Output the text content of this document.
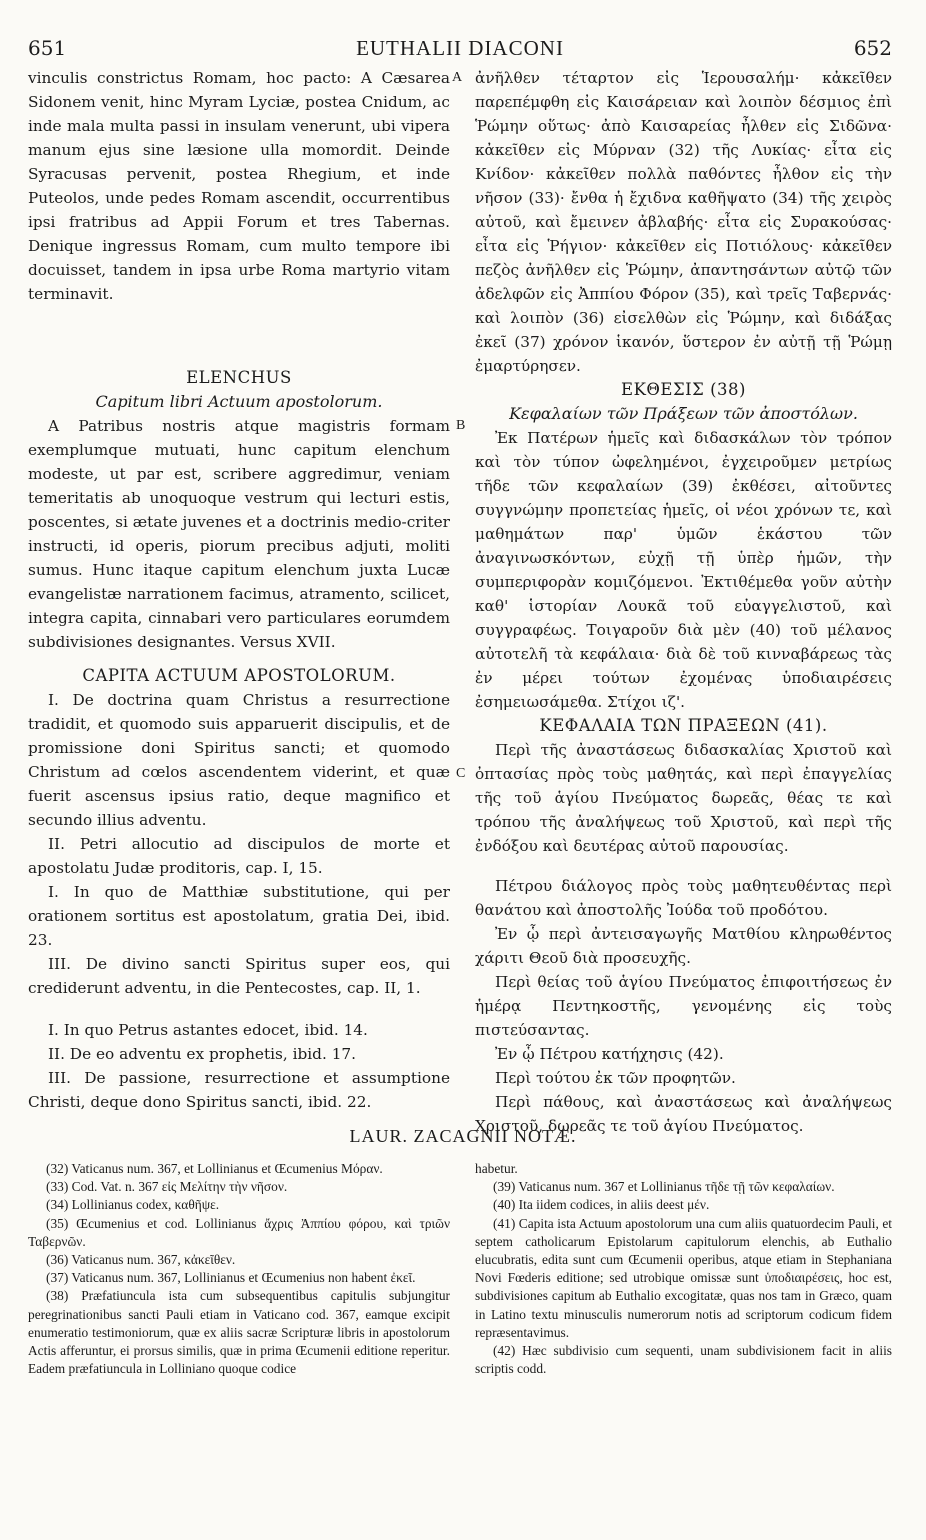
651	EUTHALII DIACONI	652
A
B
C

vinculis constrictus Romam, hoc pacto: A Cæsarea Sidonem venit, hinc Myram Lyciæ, postea Cnidum, ac inde mala multa passi in insulam venerunt, ubi vipera manum ejus sine læsione ulla momordit. Deinde Syracusas pervenit, postea Rhegium, et inde Puteolos, unde pedes Romam ascendit, occurrentibus ipsi fratribus ad Appii Forum et tres Tabernas. Denique ingressus Romam, cum multo tempore ibi docuisset, tandem in ipsa urbe Roma martyrio vitam terminavit.

ELENCHUS

Capitum libri Actuum apostolorum.

A Patribus nostris atque magistris formam exemplumque mutuati, hunc capitum elenchum modeste, ut par est, scribere aggredimur, veniam temeritatis ab unoquoque vestrum qui lecturi estis, poscentes, si ætate juvenes et a doctrinis medio-criter instructi, id operis, piorum precibus adjuti, moliti sumus. Hunc itaque capitum elenchum juxta Lucæ evangelistæ narrationem facimus, atramento, scilicet, integra capita, cinnabari vero particulares eorumdem subdivisiones designantes. Versus XVII.

CAPITA ACTUUM APOSTOLORUM.

I. De doctrina quam Christus a resurrectione tradidit, et quomodo suis apparuerit discipulis, et de promissione doni Spiritus sancti; et quomodo Christum ad cœlos ascendentem viderint, et quæ fuerit ascensus ipsius ratio, deque magnifico et secundo illius adventu.

II. Petri allocutio ad discipulos de morte et apostolatu Judæ proditoris, cap. I, 15.

I. In quo de Matthiæ substitutione, qui per orationem sortitus est apostolatum, gratia Dei, ibid. 23.

III. De divino sancti Spiritus super eos, qui crediderunt adventu, in die Pentecostes, cap. II, 1.

I. In quo Petrus astantes edocet, ibid. 14.

II. De eo adventu ex prophetis, ibid. 17.

III. De passione, resurrectione et assumptione Christi, deque dono Spiritus sancti, ibid. 22.

ἀνῆλθεν τέταρτον εἰς Ἱερουσαλήμ· κἀκεῖθεν παρεπέμφθη εἰς Καισάρειαν καὶ λοιπὸν δέσμιος ἐπὶ Ῥώμην οὕτως· ἀπὸ Καισαρείας ἦλθεν εἰς Σιδῶνα· κἀκεῖθεν εἰς Μύρναν (32) τῆς Λυκίας· εἶτα εἰς Κνίδον· κἀκεῖθεν πολλὰ παθόντες ἦλθον εἰς τὴν νῆσον (33)· ἔνθα ἡ ἔχιδνα καθῆψατο (34) τῆς χειρὸς αὐτοῦ, καὶ ἔμεινεν ἀβλαβής· εἶτα εἰς Συρακούσας· εἶτα εἰς Ῥήγιον· κἀκεῖθεν εἰς Ποτιόλους· κἀκεῖθεν πεζὸς ἀνῆλθεν εἰς Ῥώμην, ἀπαντησάντων αὐτῷ τῶν ἀδελφῶν εἰς Ἀππίου Φόρον (35), καὶ τρεῖς Ταβερνάς· καὶ λοιπὸν (36) εἰσελθὼν εἰς Ῥώμην, καὶ διδάξας ἐκεῖ (37) χρόνον ἱκανόν, ὕστερον ἐν αὐτῇ τῇ Ῥώμῃ ἐμαρτύρησεν.

ΕΚΘΕΣΙΣ (38)

Κεφαλαίων τῶν Πράξεων τῶν ἀποστόλων.

Ἐκ Πατέρων ἡμεῖς καὶ διδασκάλων τὸν τρόπον καὶ τὸν τύπον ὠφελημένοι, ἐγχειροῦμεν μετρίως τῆδε τῶν κεφαλαίων (39) ἐκθέσει, αἰτοῦντες συγγνώμην προπετείας ἡμεῖς, οἱ νέοι χρόνων τε, καὶ μαθημάτων παρ' ὑμῶν ἑκάστου τῶν ἀναγινωσκόντων, εὐχῇ τῇ ὑπὲρ ἡμῶν, τὴν συμπεριφορὰν κομιζόμενοι. Ἐκτιθέμεθα γοῦν αὐτὴν καθ' ἱστορίαν Λουκᾶ τοῦ εὐαγγελιστοῦ, καὶ συγγραφέως. Τοιγαροῦν διὰ μὲν (40) τοῦ μέλανος αὐτοτελῆ τὰ κεφάλαια· διὰ δὲ τοῦ κινναβάρεως τὰς ἐν μέρει τούτων ἐχομένας ὑποδιαιρέσεις ἐσημειωσάμεθα. Στίχοι ιζ'.

ΚΕΦΑΛΑΙΑ ΤΩΝ ΠΡΑΞΕΩΝ (41).

Περὶ τῆς ἀναστάσεως διδασκαλίας Χριστοῦ καὶ ὀπτασίας πρὸς τοὺς μαθητάς, καὶ περὶ ἐπαγγελίας τῆς τοῦ ἁγίου Πνεύματος δωρεᾶς, θέας τε καὶ τρόπου τῆς ἀναλήψεως τοῦ Χριστοῦ, καὶ περὶ τῆς ἐνδόξου καὶ δευτέρας αὐτοῦ παρουσίας.

Πέτρου διάλογος πρὸς τοὺς μαθητευθέντας περὶ θανάτου καὶ ἀποστολῆς Ἰούδα τοῦ προδότου.

Ἐν ᾧ περὶ ἀντεισαγωγῆς Ματθίου κληρωθέντος χάριτι Θεοῦ διὰ προσευχῆς.

Περὶ θείας τοῦ ἁγίου Πνεύματος ἐπιφοιτήσεως ἐν ἡμέρᾳ Πεντηκοστῆς, γενομένης εἰς τοὺς πιστεύσαντας.

Ἐν ᾧ Πέτρου κατήχησις (42).

Περὶ τούτου ἐκ τῶν προφητῶν.

Περὶ πάθους, καὶ ἀναστάσεως καὶ ἀναλήψεως Χριστοῦ, δωρεᾶς τε τοῦ ἁγίου Πνεύματος.

LAUR. ZACAGNII NOTÆ.

(32) Vaticanus num. 367, et Lollinianus et Œcumenius Μόραν.

(33) Cod. Vat. n. 367 εἰς Μελίτην τὴν νῆσον.

(34) Lollinianus codex, καθῆψε.

(35) Œcumenius et cod. Lollinianus ἄχρις Ἀππίου φόρου, καὶ τριῶν Ταβερνῶν.

(36) Vaticanus num. 367, κἀκεῖθεν.

(37) Vaticanus num. 367, Lollinianus et Œcumenius non habent ἐκεῖ.

(38) Præfatiuncula ista cum subsequentibus capitulis subjungitur peregrinationibus sancti Pauli etiam in Vaticano cod. 367, eamque excipit enumeratio testimoniorum, quæ ex aliis sacræ Scripturæ libris in apostolorum Actis afferuntur, ei prorsus similis, quæ in prima Œcumenii editione reperitur. Eadem præfatiuncula in Lolliniano quoque codice

habetur.

(39) Vaticanus num. 367 et Lollinianus τῆδε τῇ τῶν κεφαλαίων.

(40) Ita iidem codices, in aliis deest μέν.

(41) Capita ista Actuum apostolorum una cum aliis quatuordecim Pauli, et septem catholicarum Epistolarum capitulorum elenchis, ab Euthalio elucubratis, edita sunt cum Œcumenii operibus, atque etiam in Stephaniana Novi Fœderis editione; sed utrobique omissæ sunt ὑποδιαιρέσεις, hoc est, subdivisiones capitum ab Euthalio excogitatæ, quas nos tam in Græco, quam in Latino textu minusculis numerorum notis ad scriptorum codicum fidem repræsentavimus.

(42) Hæc subdivisio cum sequenti, unam subdivisionem facit in aliis scriptis codd.
